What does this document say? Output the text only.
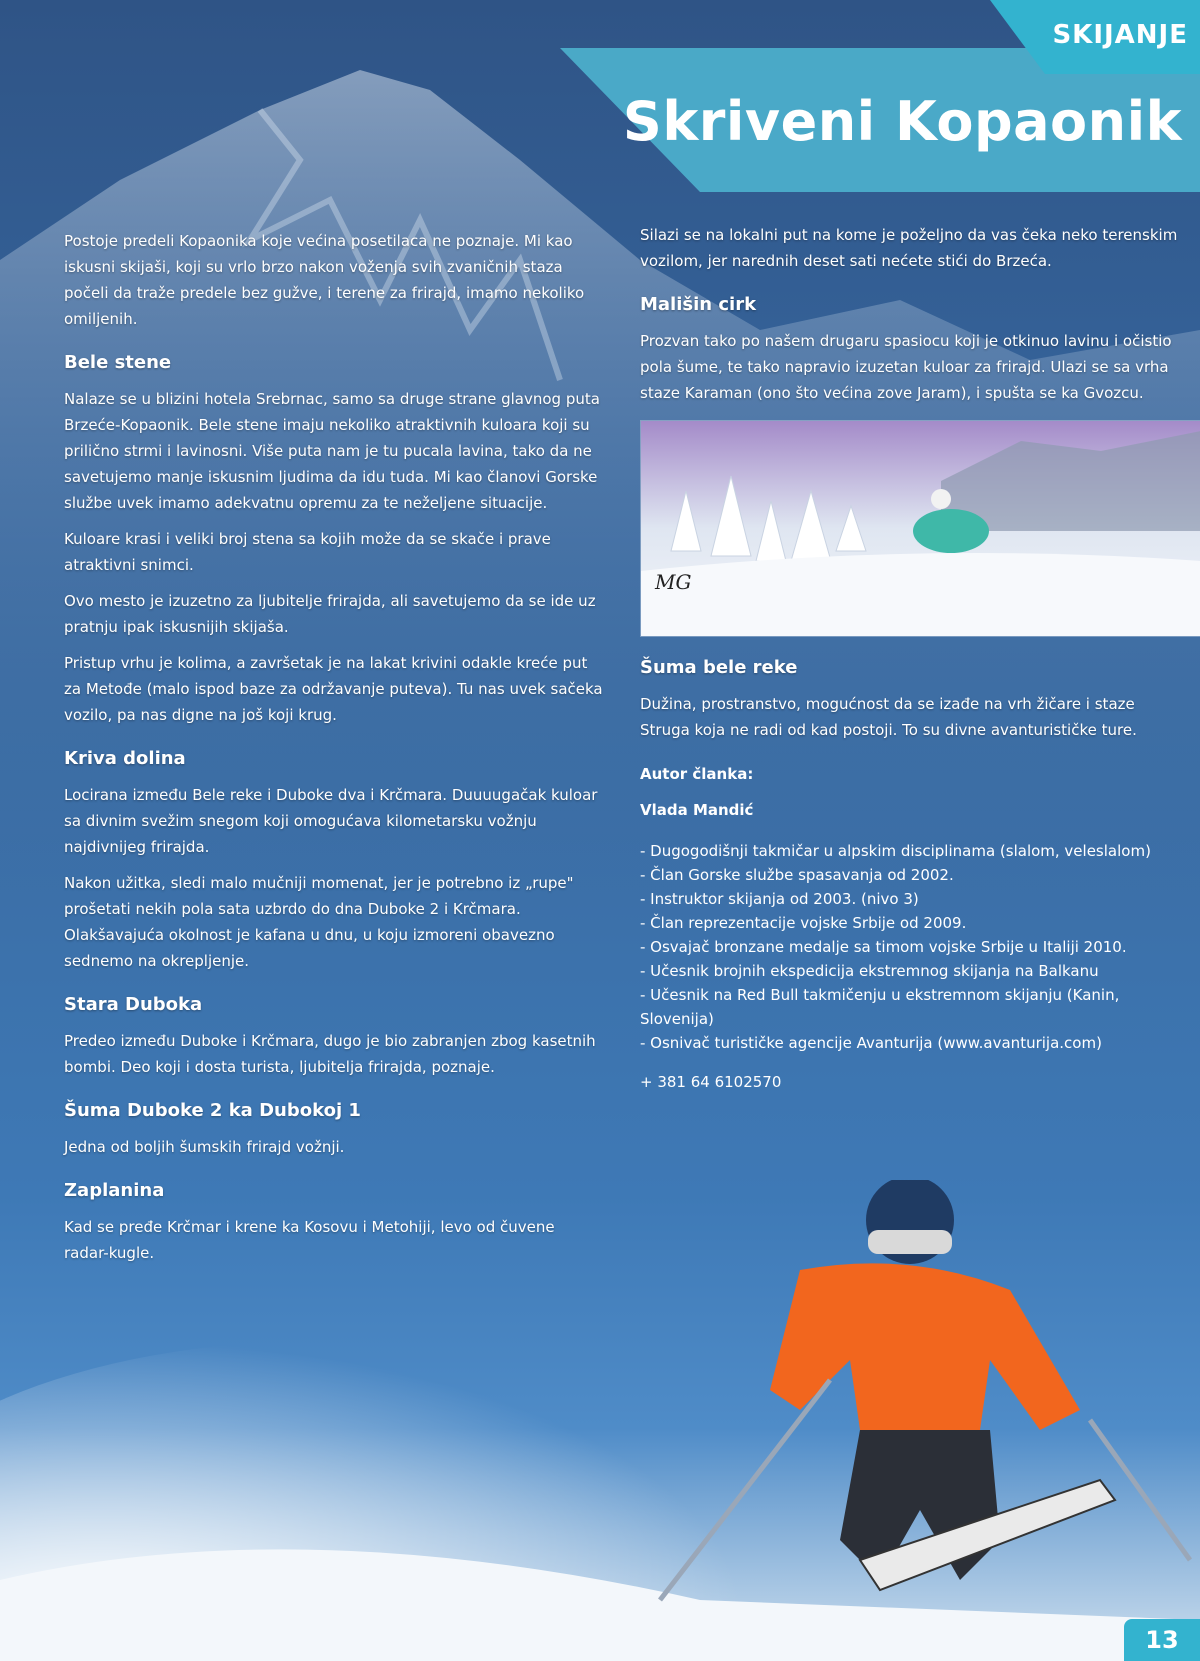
SKIJANJE
Skriveni Kopaonik

Postoje predeli Kopaonika koje većina posetilaca ne poznaje. Mi kao iskusni skijaši, koji su vrlo brzo nakon voženja svih zvaničnih staza počeli da traže predele bez gužve, i terene za frirajd, imamo nekoliko omiljenih.

Bele stene

Nalaze se u blizini hotela Srebrnac, samo sa druge strane glavnog puta Brzeće-Kopaonik. Bele stene imaju nekoliko atraktivnih kuloara koji su prilično strmi i lavinosni. Više puta nam je tu pucala lavina, tako da ne savetujemo manje iskusnim ljudima da idu tuda. Mi kao članovi Gorske službe uvek imamo adekvatnu opremu za te neželjene situacije.

Kuloare krasi i veliki broj stena sa kojih može da se skače i prave atraktivni snimci.

Ovo mesto je izuzetno za ljubitelje frirajda, ali savetujemo da se ide uz pratnju ipak iskusnijih skijaša.

Pristup vrhu je kolima, a završetak je na lakat krivini odakle kreće put za Metođe (malo ispod baze za održavanje puteva). Tu nas uvek sačeka vozilo, pa nas digne na još koji krug.

Kriva dolina

Locirana između Bele reke i Duboke dva i Krčmara. Duuuugačak kuloar sa divnim svežim snegom koji omogućava kilometarsku vožnju najdivnijeg frirajda.

Nakon užitka, sledi malo mučniji momenat, jer je potrebno iz „rupe" prošetati nekih pola sata uzbrdo do dna Duboke 2 i Krčmara. Olakšavajuća okolnost je kafana u dnu, u koju izmoreni obavezno sednemo na okrepljenje.

Stara Duboka

Predeo između Duboke i Krčmara, dugo je bio zabranjen zbog kasetnih bombi. Deo koji i dosta turista, ljubitelja frirajda, poznaje.

Šuma Duboke 2 ka Dubokoj 1

Jedna od boljih šumskih frirajd vožnji.

Zaplanina

Kad se pređe Krčmar i krene ka Kosovu i Metohiji, levo od čuvene radar-kugle.

Silazi se na lokalni put na kome je poželjno da vas čeka neko terenskim vozilom, jer narednih deset sati nećete stići do Brzeća.

Mališin cirk

Prozvan tako po našem drugaru spasiocu koji je otkinuo lavinu i očistio pola šume, te tako napravio izuzetan kuloar za frirajd. Ulazi se sa vrha staze Karaman (ono što većina zove Jaram), i spušta se ka Gvozcu.

MG
Šuma bele reke

Dužina, prostranstvo, mogućnost da se izađe na vrh žičare i staze Struga koja ne radi od kad postoji. To su divne avanturističke ture.

Autor članka:
Vlada Mandić
- Dugogodišnji takmičar u alpskim disciplinama (slalom, veleslalom)
- Član Gorske službe spasavanja od 2002.
- Instruktor skijanja od 2003. (nivo 3)
- Član reprezentacije vojske Srbije od 2009.
- Osvajač bronzane medalje sa timom vojske Srbije u Italiji 2010.
- Učesnik brojnih ekspedicija ekstremnog skijanja na Balkanu
- Učesnik na Red Bull takmičenju u ekstremnom skijanju (Kanin, Slovenija)
- Osnivač turističke agencije Avanturija (www.avanturija.com)
+ 381 64 6102570
13
